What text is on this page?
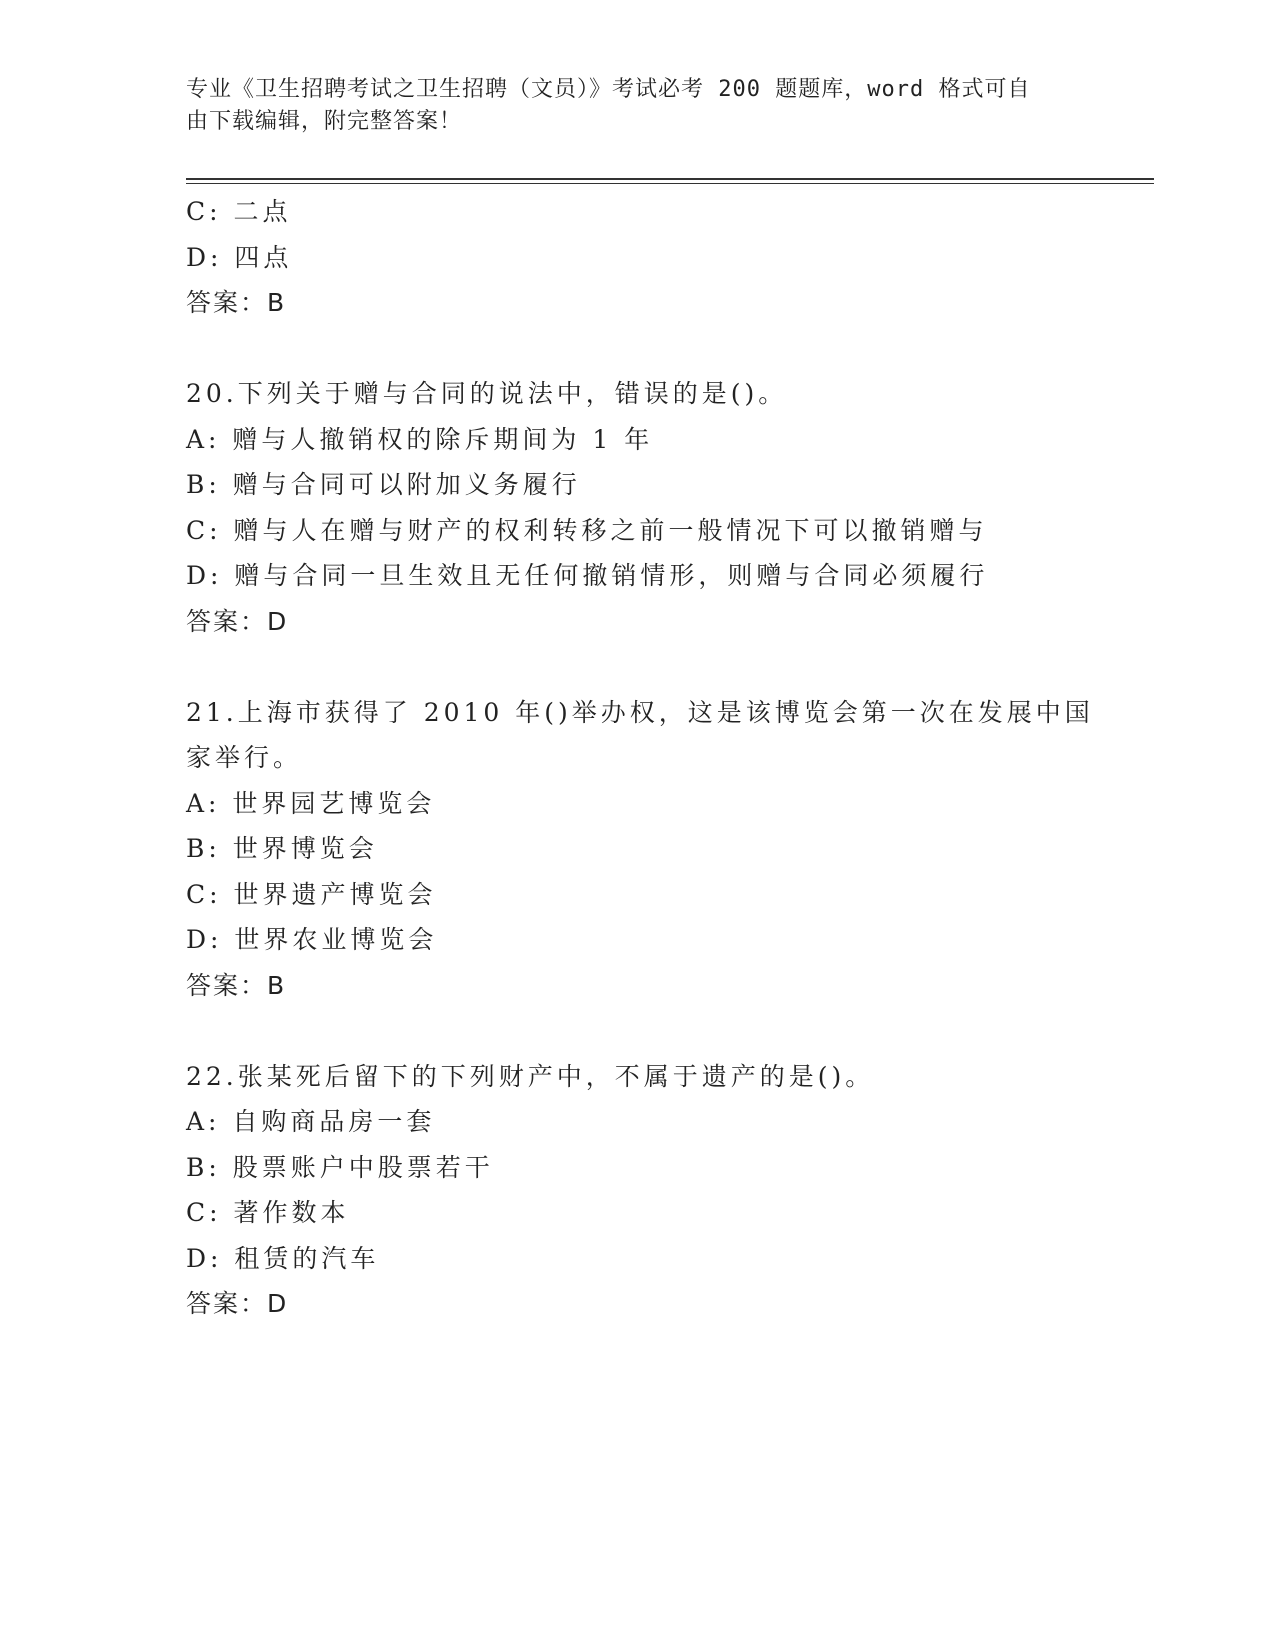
专业《卫生招聘考试之卫生招聘（文员）》考试必考 200 题题库，word 格式可自
由下载编辑，附完整答案！
C: 二点
D: 四点
答案：B
20.下列关于赠与合同的说法中，错误的是()。
A: 赠与人撤销权的除斥期间为 1 年
B: 赠与合同可以附加义务履行
C: 赠与人在赠与财产的权利转移之前一般情况下可以撤销赠与
D: 赠与合同一旦生效且无任何撤销情形，则赠与合同必须履行
答案：D
21.上海市获得了 2010 年()举办权，这是该博览会第一次在发展中国
家举行。
A: 世界园艺博览会
B: 世界博览会
C: 世界遗产博览会
D: 世界农业博览会
答案：B
22.张某死后留下的下列财产中，不属于遗产的是()。
A: 自购商品房一套
B: 股票账户中股票若干
C: 著作数本
D: 租赁的汽车
答案：D
